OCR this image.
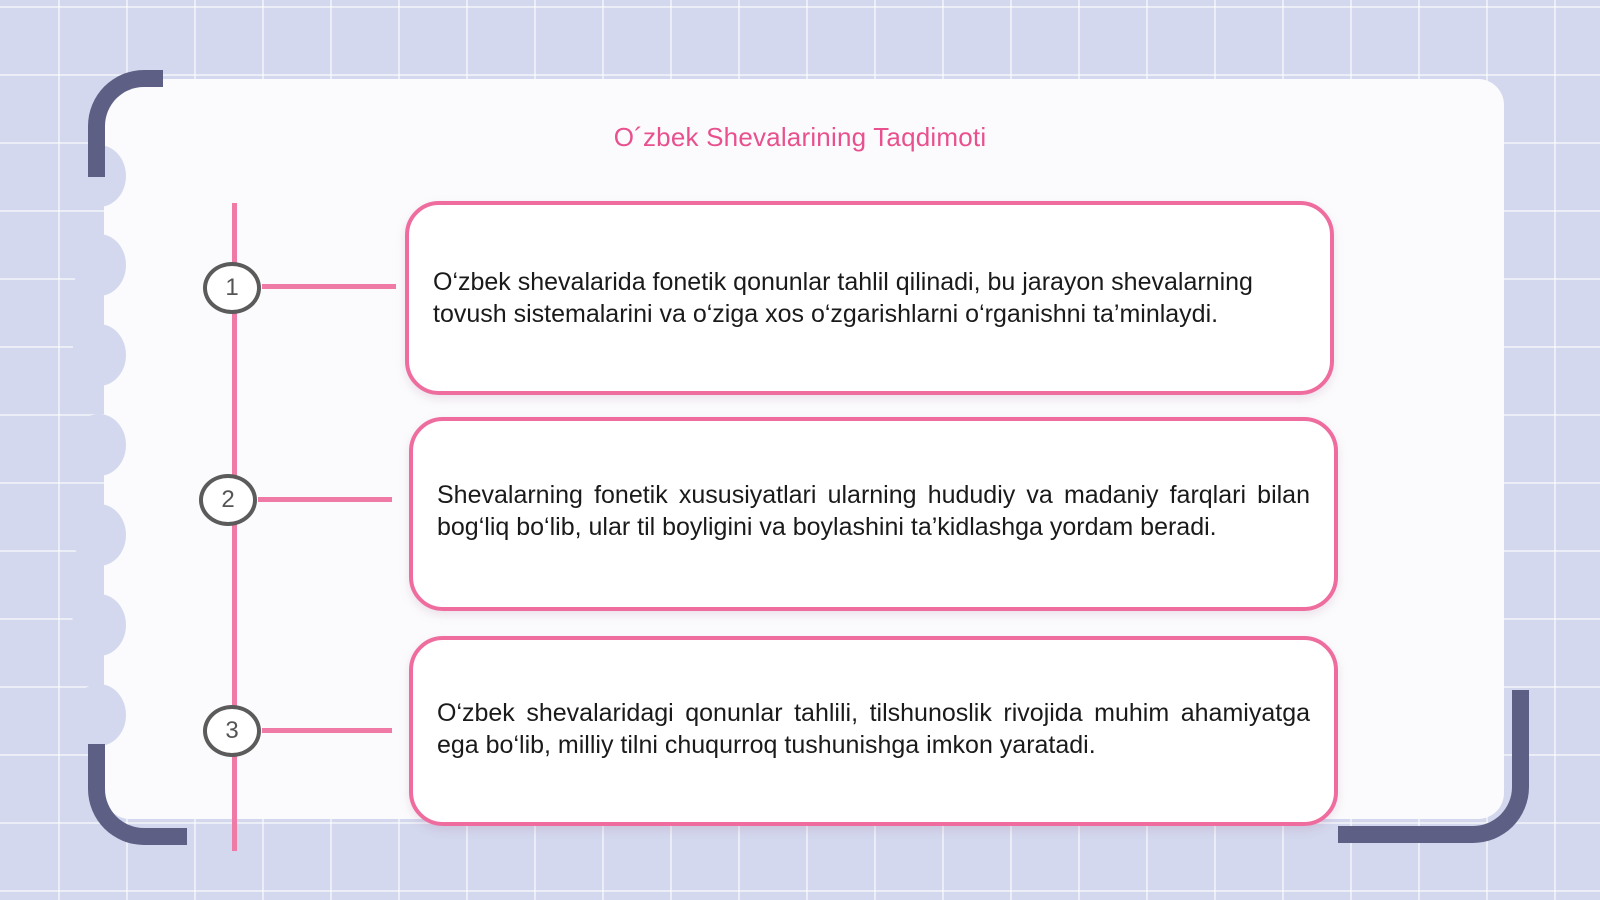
O´zbek Shevalarining Taqdimoti
1	O‘zbek shevalarida fonetik qonunlar tahlil qilinadi, bu jarayon shevalarning tovush sistemalarini va o‘ziga xos o‘zgarishlarni o‘rganishni ta’minlaydi.

2	Shevalarning fonetik xususiyatlari ularning hududiy va madaniy farqlari bilan bog‘liq bo‘lib, ular til boyligini va boylashini ta’kidlashga yordam beradi.

3

O‘zbek shevalaridagi qonunlar tahlili, tilshunoslik rivojida muhim ahamiyatga ega bo‘lib, milliy tilni chuqurroq tushunishga imkon yaratadi.
